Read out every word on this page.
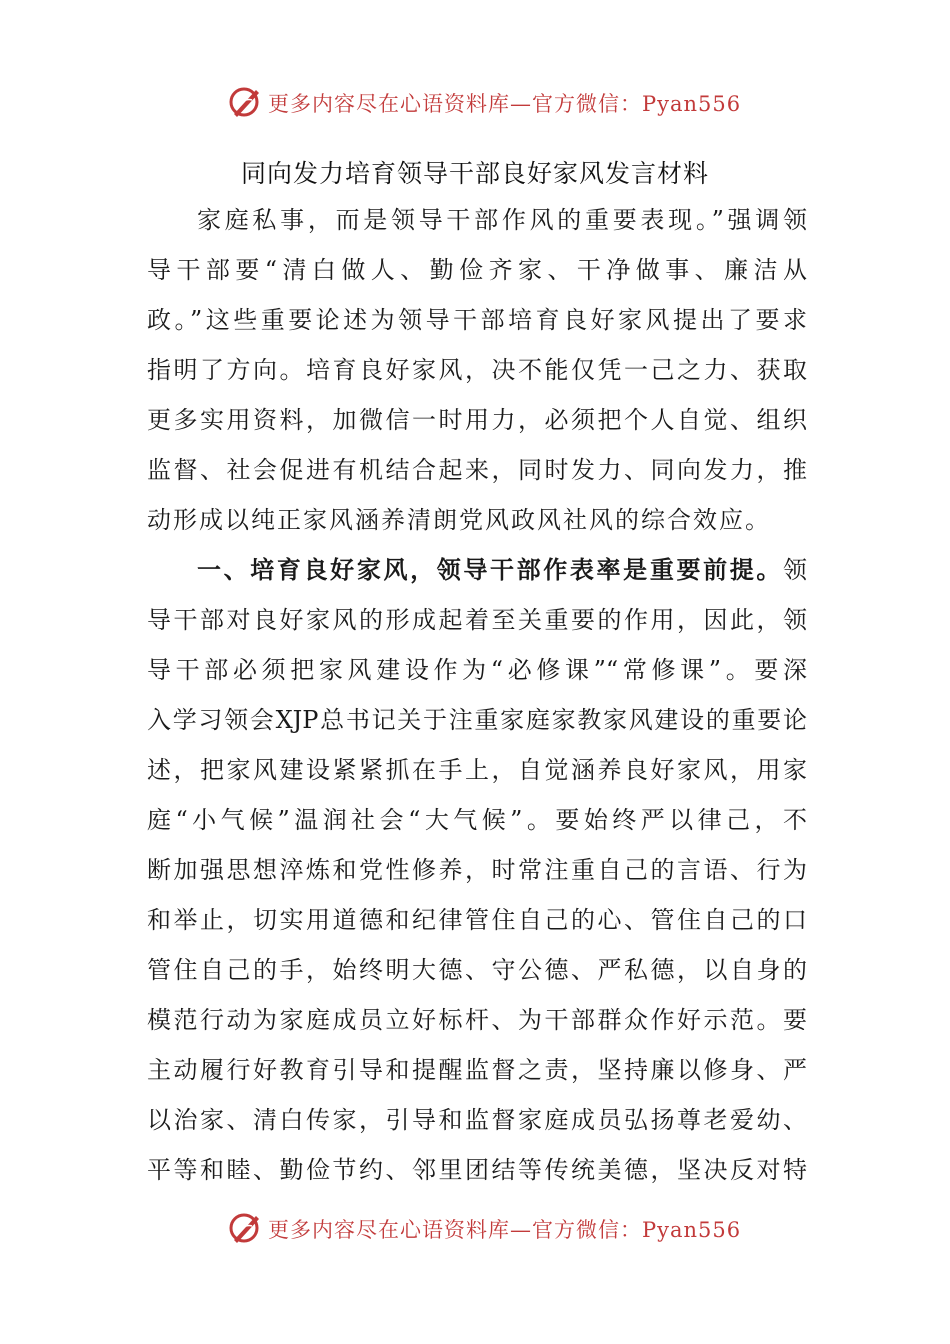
更多内容尽在心语资料库—官方微信：Pyan556
同向发力培育领导干部良好家风发言材料
家庭私事，而是领导干部作风的重要表现。”强调领
导干部要“清白做人、勤俭齐家、干净做事、廉洁从
政。”这些重要论述为领导干部培育良好家风提出了要求
指明了方向。培育良好家风，决不能仅凭一己之力、获取
更多实用资料，加微信一时用力，必须把个人自觉、组织
监督、社会促进有机结合起来，同时发力、同向发力，推
动形成以纯正家风涵养清朗党风政风社风的综合效应。
一、培育良好家风，领导干部作表率是重要前提。领
导干部对良好家风的形成起着至关重要的作用，因此，领
导干部必须把家风建设作为“必修课”“常修课”。要深
入学习领会XJP总书记关于注重家庭家教家风建设的重要论
述，把家风建设紧紧抓在手上，自觉涵养良好家风，用家
庭“小气候”温润社会“大气候”。要始终严以律己，不
断加强思想淬炼和党性修养，时常注重自己的言语、行为
和举止，切实用道德和纪律管住自己的心、管住自己的口
管住自己的手，始终明大德、守公德、严私德，以自身的
模范行动为家庭成员立好标杆、为干部群众作好示范。要
主动履行好教育引导和提醒监督之责，坚持廉以修身、严
以治家、清白传家，引导和监督家庭成员弘扬尊老爱幼、
平等和睦、勤俭节约、邻里团结等传统美德，坚决反对特
更多内容尽在心语资料库—官方微信：Pyan556
